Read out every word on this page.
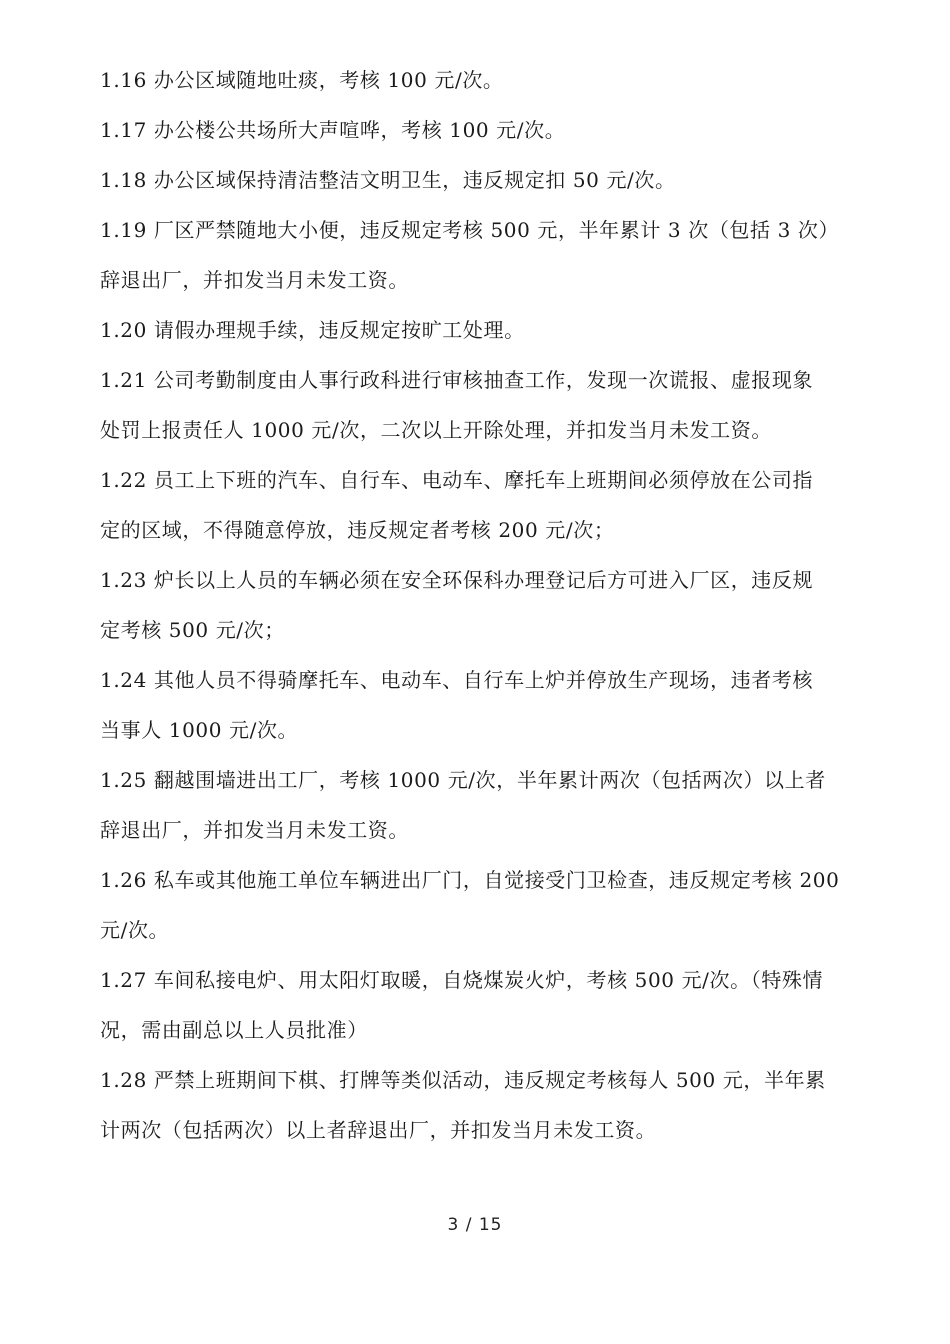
1.16 办公区域随地吐痰，考核 100 元/次。
1.17 办公楼公共场所大声喧哗，考核 100 元/次。
1.18 办公区域保持清洁整洁文明卫生，违反规定扣 50 元/次。
1.19 厂区严禁随地大小便，违反规定考核 500 元，半年累计 3 次（包括 3 次）
辞退出厂，并扣发当月未发工资。
1.20 请假办理规手续，违反规定按旷工处理。
1.21 公司考勤制度由人事行政科进行审核抽查工作，发现一次谎报、虚报现象
处罚上报责任人 1000 元/次，二次以上开除处理，并扣发当月未发工资。
1.22 员工上下班的汽车、自行车、电动车、摩托车上班期间必须停放在公司指
定的区域，不得随意停放，违反规定者考核 200 元/次；
1.23 炉长以上人员的车辆必须在安全环保科办理登记后方可进入厂区，违反规
定考核 500 元/次；
1.24 其他人员不得骑摩托车、电动车、自行车上炉并停放生产现场，违者考核
当事人 1000 元/次。
1.25 翻越围墙进出工厂，考核 1000 元/次，半年累计两次（包括两次）以上者
辞退出厂，并扣发当月未发工资。
1.26 私车或其他施工单位车辆进出厂门，自觉接受门卫检查，违反规定考核 200
元/次。
1.27 车间私接电炉、用太阳灯取暖，自烧煤炭火炉，考核 500 元/次。（特殊情
况，需由副总以上人员批准）
1.28 严禁上班期间下棋、打牌等类似活动，违反规定考核每人 500 元，半年累
计两次（包括两次）以上者辞退出厂，并扣发当月未发工资。
3 / 15
